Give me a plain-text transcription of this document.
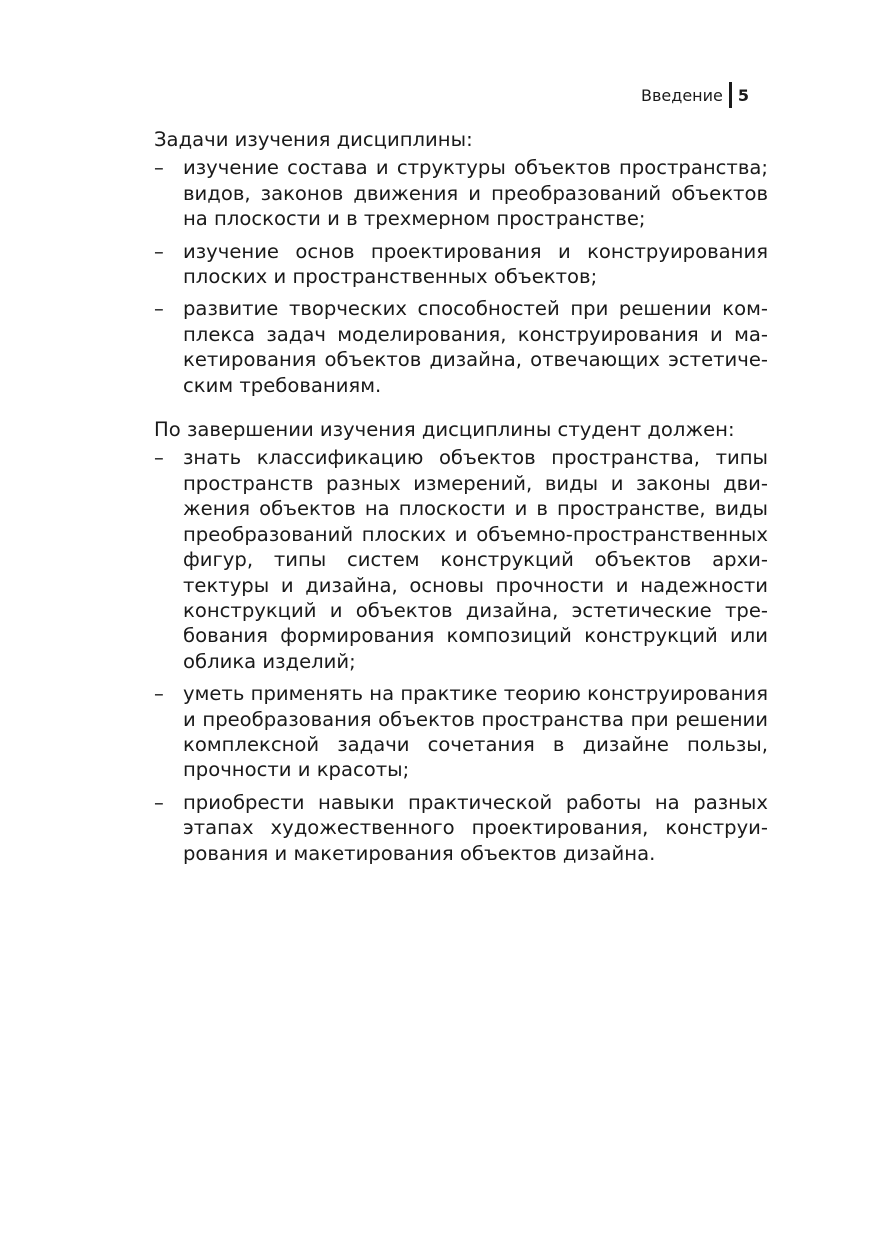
Введение 5

Задачи изучения дисциплины:

– изучение состава и структуры объектов пространства; видов, законов движения и преобразований объектов на плоскости и в трехмерном пространстве;
– изучение основ проектирования и конструирования плоских и пространственных объектов;
– развитие творческих способностей при решении комплекса задач моделирования, конструирования и макетирования объектов дизайна, отвечающих эстетическим требованиям.

По завершении изучения дисциплины студент должен:

– знать классификацию объектов пространства, типы пространств разных измерений, виды и законы движения объектов на плоскости и в пространстве, виды преобразований плоских и объемно-пространственных фигур, типы систем конструкций объектов архитектуры и дизайна, основы прочности и надежности конструкций и объектов дизайна, эстетические требования формирования композиций конструкций или облика изделий;
– уметь применять на практике теорию конструирования и преобразования объектов пространства при решении комплексной задачи сочетания в дизайне пользы, прочности и красоты;
– приобрести навыки практической работы на разных этапах художественного проектирования, конструирования и макетирования объектов дизайна.
